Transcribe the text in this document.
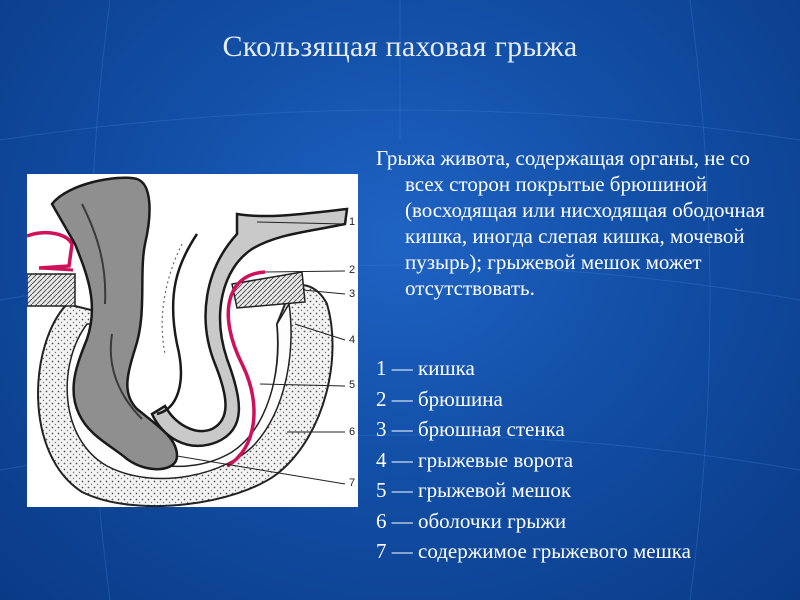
Скользящая паховая грыжа
1
2
3
4
5
6
7

Грыжа живота, содержащая органы, не со всех сторон покрытые брюшиной (восходящая или нисходящая ободочная кишка, иногда слепая кишка, мочевой пузырь); грыжевой мешок может отсутствовать.

1 — кишка
2 — брюшина
3 — брюшная стенка
4 — грыжевые ворота
5 — грыжевой мешок
6 — оболочки грыжи
7 — содержимое грыжевого мешка
